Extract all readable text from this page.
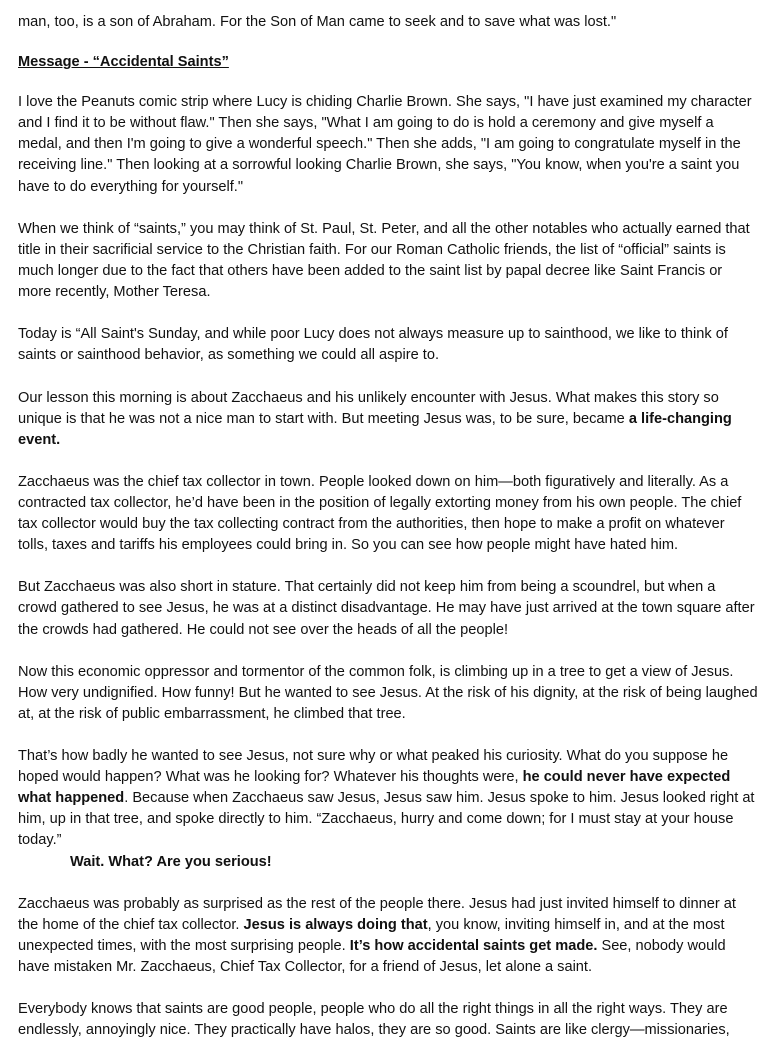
man, too, is a son of Abraham. For the Son of Man came to seek and to save what was lost."

Message - “Accidental Saints”

I love the Peanuts comic strip where Lucy is chiding Charlie Brown. She says, "I have just examined my character and I find it to be without flaw." Then she says, "What I am going to do is hold a ceremony and give myself a medal, and then I'm going to give a wonderful speech." Then she adds, "I am going to congratulate myself in the receiving line." Then looking at a sorrowful looking Charlie Brown, she says, "You know, when you're a saint you have to do everything for yourself."

When we think of “saints,” you may think of St. Paul, St. Peter, and all the other notables who actually earned that title in their sacrificial service to the Christian faith. For our Roman Catholic friends, the list of “official” saints is much longer due to the fact that others have been added to the saint list by papal decree like Saint Francis or more recently, Mother Teresa.

Today is “All Saint's Sunday, and while poor Lucy does not always measure up to sainthood, we like to think of saints or sainthood behavior, as something we could all aspire to.

Our lesson this morning is about Zacchaeus and his unlikely encounter with Jesus. What makes this story so unique is that he was not a nice man to start with. But meeting Jesus was, to be sure, became a life-changing event.

Zacchaeus was the chief tax collector in town. People looked down on him—both figuratively and literally. As a contracted tax collector, he’d have been in the position of legally extorting money from his own people. The chief tax collector would buy the tax collecting contract from the authorities, then hope to make a profit on whatever tolls, taxes and tariffs his employees could bring in. So you can see how people might have hated him.

But Zacchaeus was also short in stature. That certainly did not keep him from being a scoundrel, but when a crowd gathered to see Jesus, he was at a distinct disadvantage. He may have just arrived at the town square after the crowds had gathered. He could not see over the heads of all the people!

Now this economic oppressor and tormentor of the common folk, is climbing up in a tree to get a view of Jesus. How very undignified. How funny! But he wanted to see Jesus. At the risk of his dignity, at the risk of being laughed at, at the risk of public embarrassment, he climbed that tree.

That’s how badly he wanted to see Jesus, not sure why or what peaked his curiosity. What do you suppose he hoped would happen? What was he looking for? Whatever his thoughts were, he could never have expected what happened. Because when Zacchaeus saw Jesus, Jesus saw him. Jesus spoke to him. Jesus looked right at him, up in that tree, and spoke directly to him. “Zacchaeus, hurry and come down; for I must stay at your house today.”

Wait. What? Are you serious!

Zacchaeus was probably as surprised as the rest of the people there. Jesus had just invited himself to dinner at the home of the chief tax collector. Jesus is always doing that, you know, inviting himself in, and at the most unexpected times, with the most surprising people. It’s how accidental saints get made. See, nobody would have mistaken Mr. Zacchaeus, Chief Tax Collector, for a friend of Jesus, let alone a saint.

Everybody knows that saints are good people, people who do all the right things in all the right ways. They are endlessly, annoyingly nice. They practically have halos, they are so good. Saints are like clergy—missionaries,
